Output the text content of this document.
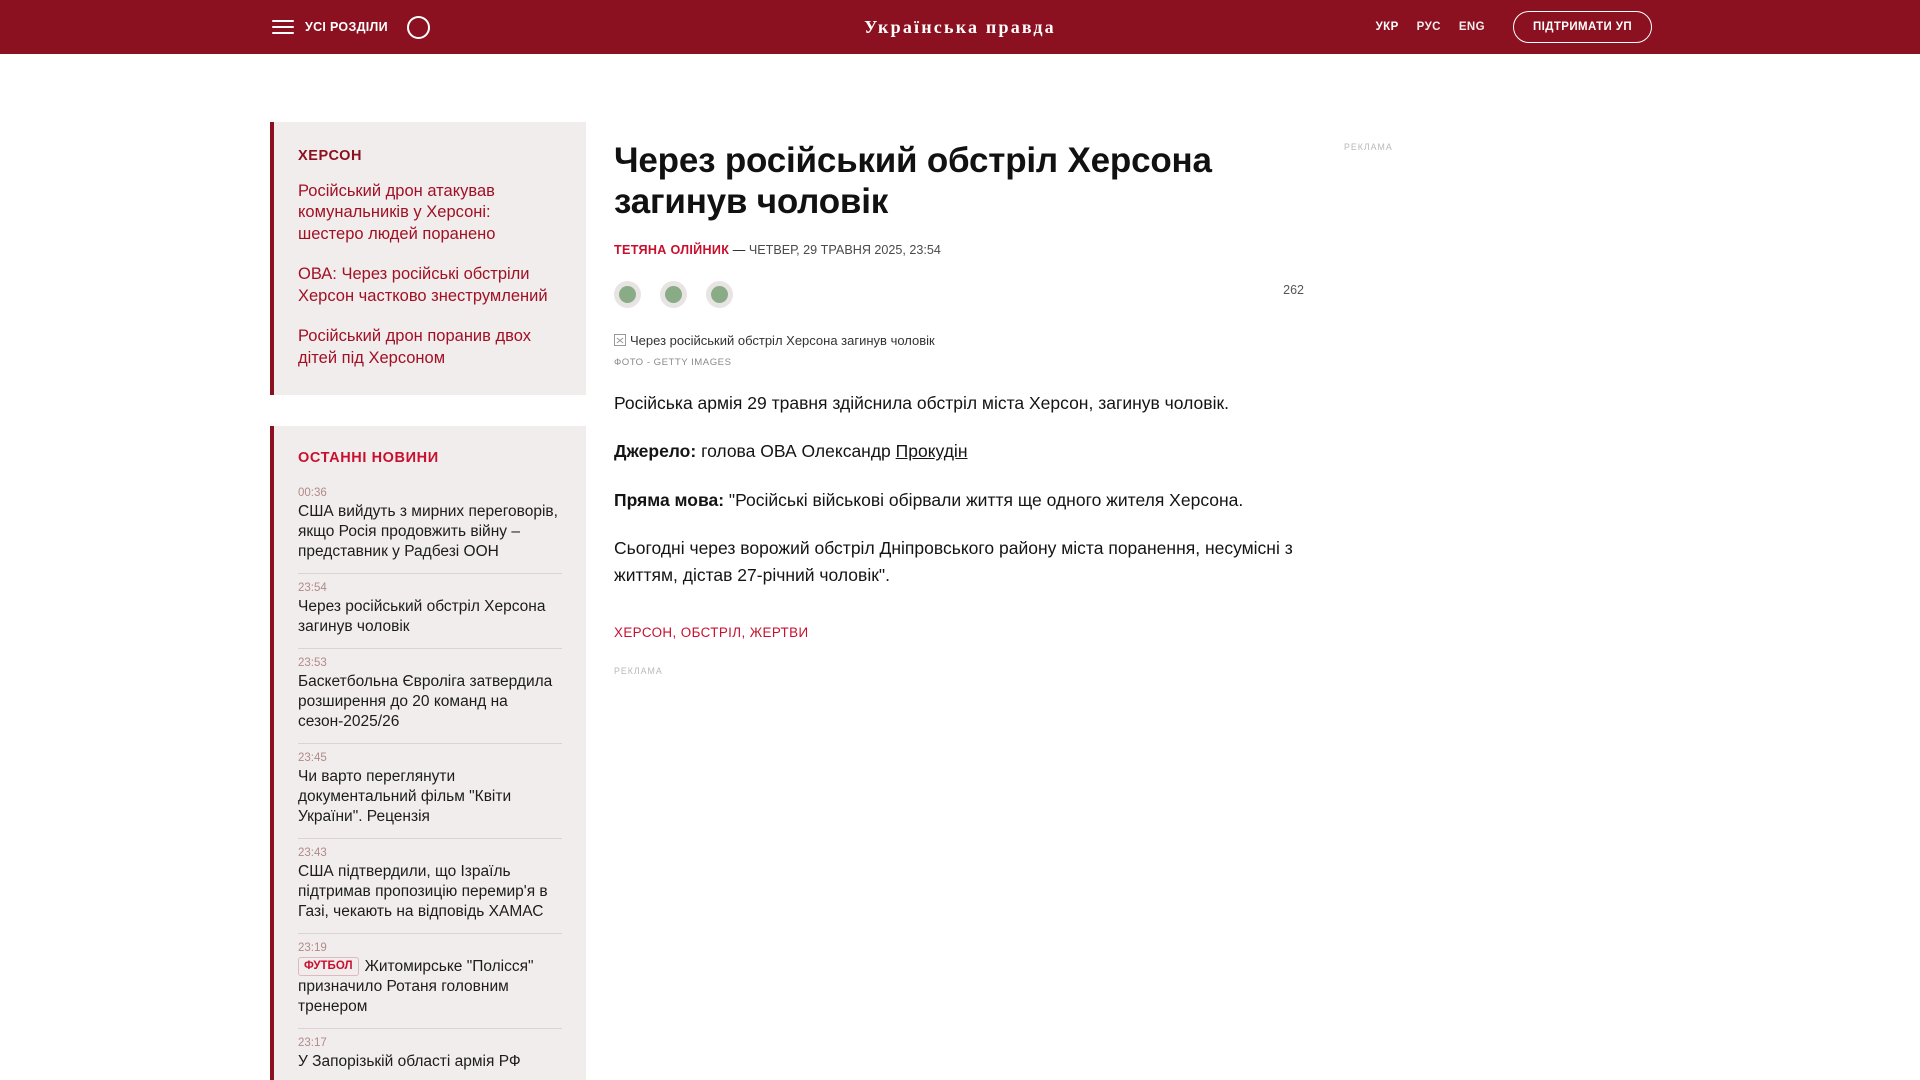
УСІ РОЗДІЛИ	Українська правда	УКР РУС ENG	ПІДТРИМАТИ УП
ХЕРСОН
Російський дрон атакував комунальників у Херсоні: шестеро людей поранено
ОВА: Через російські обстріли Херсон частково знеструмлений
Російський дрон поранив двох дітей під Херсоном
ОСТАННІ НОВИНИ
00:36
США вийдуть з мирних переговорів, якщо Росія продовжить війну – представник у Радбезі ООН
23:54
Через російський обстріл Херсона загинув чоловік
23:53
Баскетбольна Євроліга затвердила розширення до 20 команд на сезон-2025/26
23:45
Чи варто переглянути документальний фільм "Квіти України". Рецензія
23:43
США підтвердили, що Ізраїль підтримав пропозицію перемир'я в Газі, чекають на відповідь ХАМАС
23:19
ФУТБОЛ Житомирське "Полісся" призначило Ротаня головним тренером
23:17
У Запорізькій області армія РФ
РЕКЛАМА
Через російський обстріл Херсона загинув чоловік
ТЕТЯНА ОЛІЙНИК — ЧЕТВЕР, 29 ТРАВНЯ 2025, 23:54
262
Через російський обстріл Херсона загинув чоловік
ФОТО - GETTY IMAGES
Російська армія 29 травня здійснила обстріл міста Херсон, загинув чоловік.
Джерело: голова ОВА Олександр Прокудін
Пряма мова: "Російські військові обірвали життя ще одного жителя Херсона.
Сьогодні через ворожий обстріл Дніпровського району міста поранення, несумісні з життям, дістав 27-річний чоловік".
ХЕРСОН, ОБСТРІЛ, ЖЕРТВИ
РЕКЛАМА
